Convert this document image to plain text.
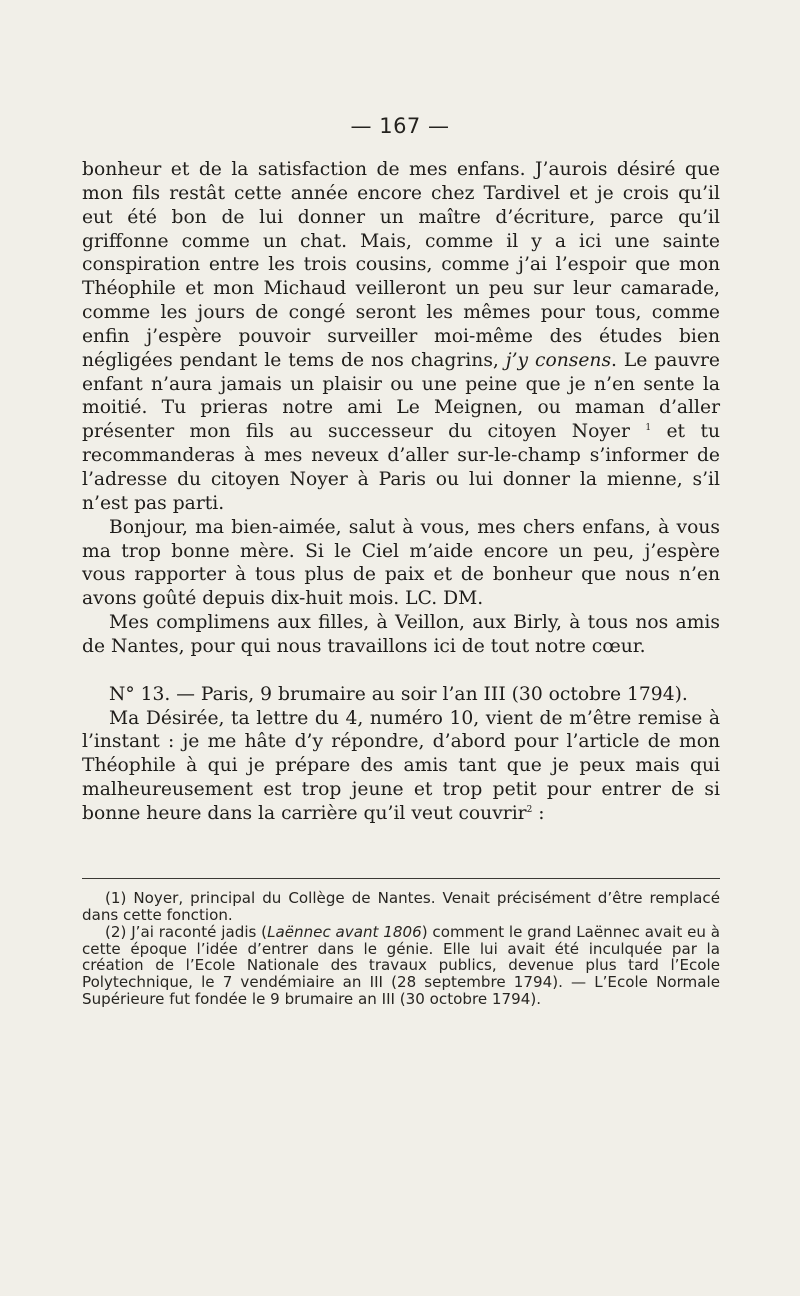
— 167 —

bonheur et de la satisfaction de mes enfans. J’aurois désiré que mon fils restât cette année encore chez Tardivel et je crois qu’il eut été bon de lui donner un maître d’écriture, parce qu’il griffonne comme un chat. Mais, comme il y a ici une sainte conspiration entre les trois cousins, comme j’ai l’espoir que mon Théophile et mon Michaud veilleront un peu sur leur camarade, comme les jours de congé seront les mêmes pour tous, comme enfin j’espère pouvoir surveiller moi-même des études bien négligées pendant le tems de nos chagrins, j’y consens. Le pauvre enfant n’aura jamais un plaisir ou une peine que je n’en sente la moitié. Tu prieras notre ami Le Meignen, ou maman d’aller présenter mon fils au successeur du citoyen Noyer $^1$ et tu recommanderas à mes neveux d’aller sur-le-champ s’informer de l’adresse du citoyen Noyer à Paris ou lui donner la mienne, s’il n’est pas parti.

Bonjour, ma bien-aimée, salut à vous, mes chers enfans, à vous ma trop bonne mère. Si le Ciel m’aide encore un peu, j’espère vous rapporter à tous plus de paix et de bonheur que nous n’en avons goûté depuis dix-huit mois. LC. DM.

Mes complimens aux filles, à Veillon, aux Birly, à tous nos amis de Nantes, pour qui nous travaillons ici de tout notre cœur.

N° 13. — Paris, 9 brumaire au soir l’an III (30 octobre 1794).

Ma Désirée, ta lettre du 4, numéro 10, vient de m’être remise à l’instant : je me hâte d’y répondre, d’abord pour l’article de mon Théophile à qui je prépare des amis tant que je peux mais qui malheureusement est trop jeune et trop petit pour entrer de si bonne heure dans la carrière qu’il veut couvrir$^2$ :

(1) Noyer, principal du Collège de Nantes. Venait précisément d’être remplacé dans cette fonction.

(2) J’ai raconté jadis (Laënnec avant 1806) comment le grand Laënnec avait eu à cette époque l’idée d’entrer dans le génie. Elle lui avait été inculquée par la création de l’Ecole Nationale des travaux publics, devenue plus tard l’Ecole Polytechnique, le 7 vendémiaire an III (28 septembre 1794). — L’Ecole Normale Supérieure fut fondée le 9 brumaire an III (30 octobre 1794).
